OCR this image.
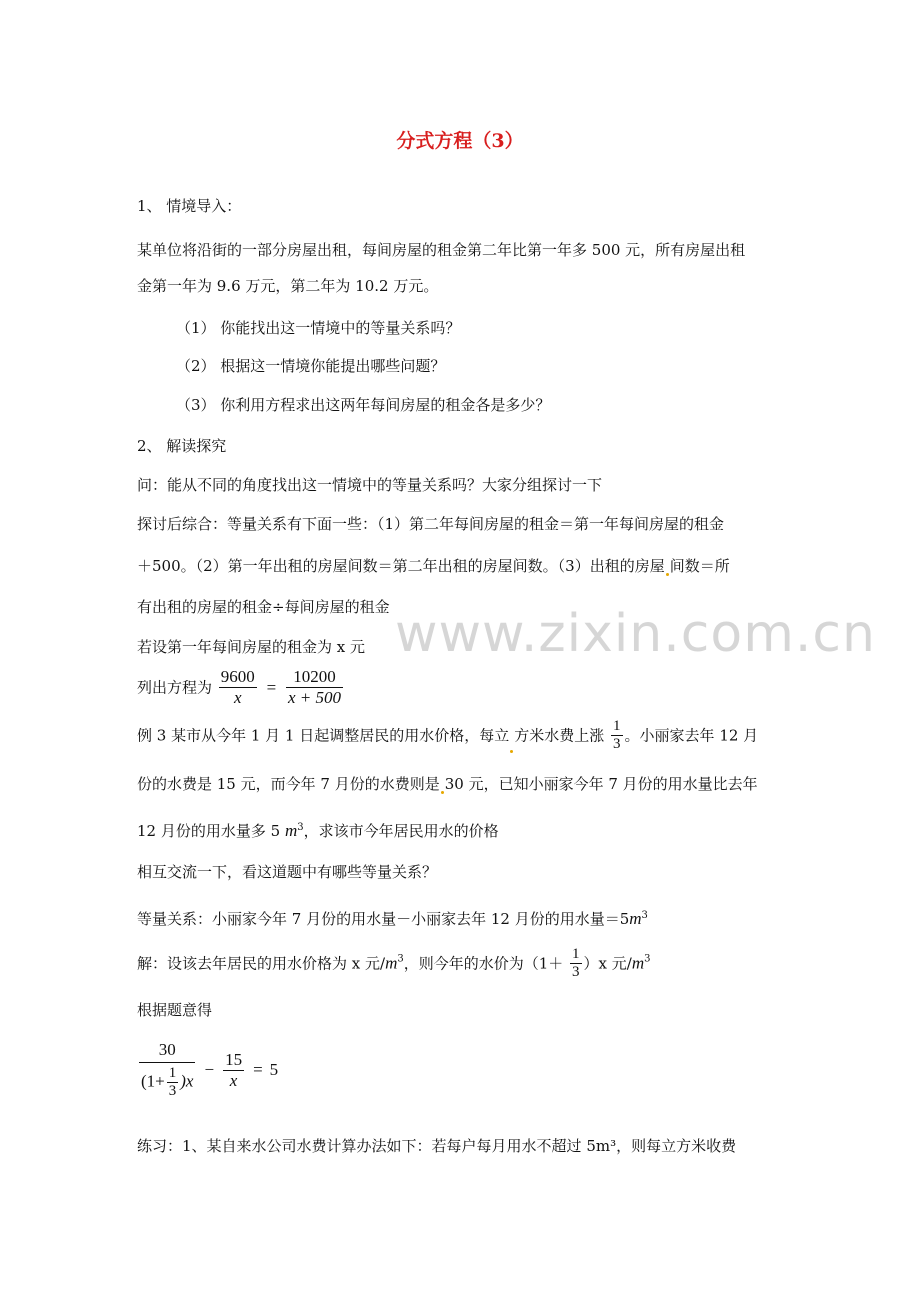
分式方程（3）
www.zixin.com.cn
1、 情境导入：
某单位将沿街的一部分房屋出租，每间房屋的租金第二年比第一年多 500 元，所有房屋出租
金第一年为 9.6 万元，第二年为 10.2 万元。
（1） 你能找出这一情境中的等量关系吗？
（2） 根据这一情境你能提出哪些问题？
（3） 你利用方程求出这两年每间房屋的租金各是多少？
2、 解读探究
问：能从不同的角度找出这一情境中的等量关系吗？大家分组探讨一下
探讨后综合：等量关系有下面一些：（1）第二年每间房屋的租金＝第一年每间房屋的租金
＋500。（2）第一年出租的房屋间数＝第二年出租的房屋间数。（3）出租的房屋 间数＝所
有出租的房屋的租金÷每间房屋的租金
若设第一年每间房屋的租金为 x 元
列出方程为 $\frac{9600}{x} = \frac{10200}{x + 500}$
例 3 某市从今年 1 月 1 日起调整居民的用水价格，每立 方米水费上涨 $\frac{1}{3}$ 。小丽家去年 12 月
份的水费是 15 元，而今年 7 月份的水费则是 30 元，已知小丽家今年 7 月份的用水量比去年
12 月份的用水量多 5 $m^3$，求该市今年居民用水的价格
相互交流一下，看这道题中有哪些等量关系？
等量关系：小丽家今年 7 月份的用水量－小丽家去年 12 月份的用水量$=5m^3$
解：设该去年居民的用水价格为 x 元$/m^3$，则今年的水价为$(1+ \frac{1}{3} )x$ 元$/m^3$
根据题意得
$\frac{30}{(1+ \frac{1}{3} )x} - \frac{15}{x} = 5$
练习：1、某自来水公司水费计算办法如下：若每户每月用水不超过 5m³，则每立方米收费
